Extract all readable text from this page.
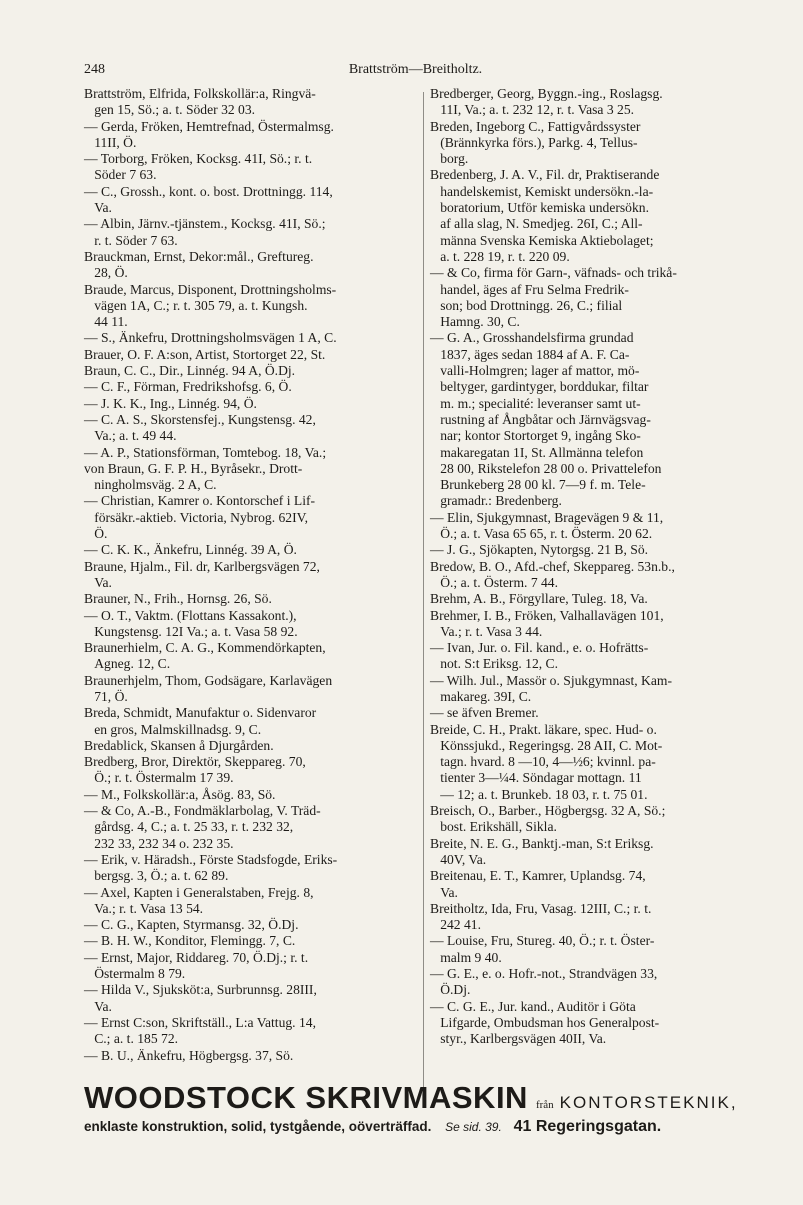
248	Brattström—Breitholtz.
Brattström, Elfrida, Folkskollär:a, Ringvä-
gen 15, Sö.; a. t. Söder 32 03.
— Gerda, Fröken, Hemtrefnad, Östermalmsg.
11II, Ö.
— Torborg, Fröken, Kocksg. 41I, Sö.; r. t.
Söder 7 63.
— C., Grossh., kont. o. bost. Drottningg. 114,
Va.
— Albin, Järnv.-tjänstem., Kocksg. 41I, Sö.;
r. t. Söder 7 63.
Brauckman, Ernst, Dekor:mål., Greftureg.
28, Ö.
Braude, Marcus, Disponent, Drottningsholms-
vägen 1A, C.; r. t. 305 79, a. t. Kungsh.
44 11.
— S., Änkefru, Drottningsholmsvägen 1 A, C.
Brauer, O. F. A:son, Artist, Stortorget 22, St.
Braun, C. C., Dir., Linnég. 94 A, Ö.Dj.
— C. F., Förman, Fredrikshofsg. 6, Ö.
— J. K. K., Ing., Linnég. 94, Ö.
— C. A. S., Skorstensfej., Kungstensg. 42,
Va.; a. t. 49 44.
— A. P., Stationsförman, Tomtebog. 18, Va.;
von Braun, G. F. P. H., Byråsekr., Drott-
ningholmsväg. 2 A, C.
— Christian, Kamrer o. Kontorschef i Lif-
försäkr.-aktieb. Victoria, Nybrog. 62IV,
Ö.
— C. K. K., Änkefru, Linnég. 39 A, Ö.
Braune, Hjalm., Fil. dr, Karlbergsvägen 72,
Va.
Brauner, N., Frih., Hornsg. 26, Sö.
— O. T., Vaktm. (Flottans Kassakont.),
Kungstensg. 12I Va.; a. t. Vasa 58 92.
Braunerhielm, C. A. G., Kommendörkapten,
Agneg. 12, C.
Braunerhjelm, Thom, Godsägare, Karlavägen
71, Ö.
Breda, Schmidt, Manufaktur o. Sidenvaror
en gros, Malmskillnadsg. 9, C.
Bredablick, Skansen å Djurgården.
Bredberg, Bror, Direktör, Skeppareg. 70,
Ö.; r. t. Östermalm 17 39.
— M., Folkskollär:a, Åsög. 83, Sö.
— & Co, A.-B., Fondmäklarbolag, V. Träd-
gårdsg. 4, C.; a. t. 25 33, r. t. 232 32,
232 33, 232 34 o. 232 35.
— Erik, v. Häradsh., Förste Stadsfogde, Eriks-
bergsg. 3, Ö.; a. t. 62 89.
— Axel, Kapten i Generalstaben, Frejg. 8,
Va.; r. t. Vasa 13 54.
— C. G., Kapten, Styrmansg. 32, Ö.Dj.
— B. H. W., Konditor, Flemingg. 7, C.
— Ernst, Major, Riddareg. 70, Ö.Dj.; r. t.
Östermalm 8 79.
— Hilda V., Sjuksköt:a, Surbrunnsg. 28III,
Va.
— Ernst C:son, Skriftställ., L:a Vattug. 14,
C.; a. t. 185 72.
— B. U., Änkefru, Högbergsg. 37, Sö.
Bredberger, Georg, Byggn.-ing., Roslagsg.
11I, Va.; a. t. 232 12, r. t. Vasa 3 25.
Breden, Ingeborg C., Fattigvårdssyster
(Brännkyrka förs.), Parkg. 4, Tellus-
borg.
Bredenberg, J. A. V., Fil. dr, Praktiserande
handelskemist, Kemiskt undersökn.-la-
boratorium, Utför kemiska undersökn.
af alla slag, N. Smedjeg. 26I, C.; All-
männa Svenska Kemiska Aktiebolaget;
a. t. 228 19, r. t. 220 09.
— & Co, firma för Garn-, väfnads- och trikå-
handel, äges af Fru Selma Fredrik-
son; bod Drottningg. 26, C.; filial
Hamng. 30, C.
— G. A., Grosshandelsfirma grundad
1837, äges sedan 1884 af A. F. Ca-
valli-Holmgren; lager af mattor, mö-
beltyger, gardintyger, borddukar, filtar
m. m.; specialité: leveranser samt ut-
rustning af Ångbåtar och Järnvägsvag-
nar; kontor Stortorget 9, ingång Sko-
makaregatan 1I, St. Allmänna telefon
28 00, Rikstelefon 28 00 o. Privattelefon
Brunkeberg 28 00 kl. 7—9 f. m. Tele-
gramadr.: Bredenberg.
— Elin, Sjukgymnast, Bragevägen 9 & 11,
Ö.; a. t. Vasa 65 65, r. t. Österm. 20 62.
— J. G., Sjökapten, Nytorgsg. 21 B, Sö.
Bredow, B. O., Afd.-chef, Skeppareg. 53n.b.,
Ö.; a. t. Österm. 7 44.
Brehm, A. B., Förgyllare, Tuleg. 18, Va.
Brehmer, I. B., Fröken, Valhallavägen 101,
Va.; r. t. Vasa 3 44.
— Ivan, Jur. o. Fil. kand., e. o. Hofrätts-
not. S:t Eriksg. 12, C.
— Wilh. Jul., Massör o. Sjukgymnast, Kam-
makareg. 39I, C.
— se äfven Bremer.
Breide, C. H., Prakt. läkare, spec. Hud- o.
Könssjukd., Regeringsg. 28 AII, C. Mot-
tagn. hvard. 8 —10, 4—½6; kvinnl. pa-
tienter 3—¼4. Söndagar mottagn. 11
— 12; a. t. Brunkeb. 18 03, r. t. 75 01.
Breisch, O., Barber., Högbergsg. 32 A, Sö.;
bost. Erikshäll, Sikla.
Breite, N. E. G., Banktj.-man, S:t Eriksg.
40V, Va.
Breitenau, E. T., Kamrer, Uplandsg. 74,
Va.
Breitholtz, Ida, Fru, Vasag. 12III, C.; r. t.
242 41.
— Louise, Fru, Stureg. 40, Ö.; r. t. Öster-
malm 9 40.
— G. E., e. o. Hofr.-not., Strandvägen 33,
Ö.Dj.
— C. G. E., Jur. kand., Auditör i Göta
Lifgarde, Ombudsman hos Generalpost-
styr., Karlbergsvägen 40II, Va.
WOODSTOCK SKRIVMASKIN från KONTORSTEKNIK,
enklaste konstruktion, solid, tystgående, oöverträffad. Se sid. 39. 41 Regeringsgatan.
